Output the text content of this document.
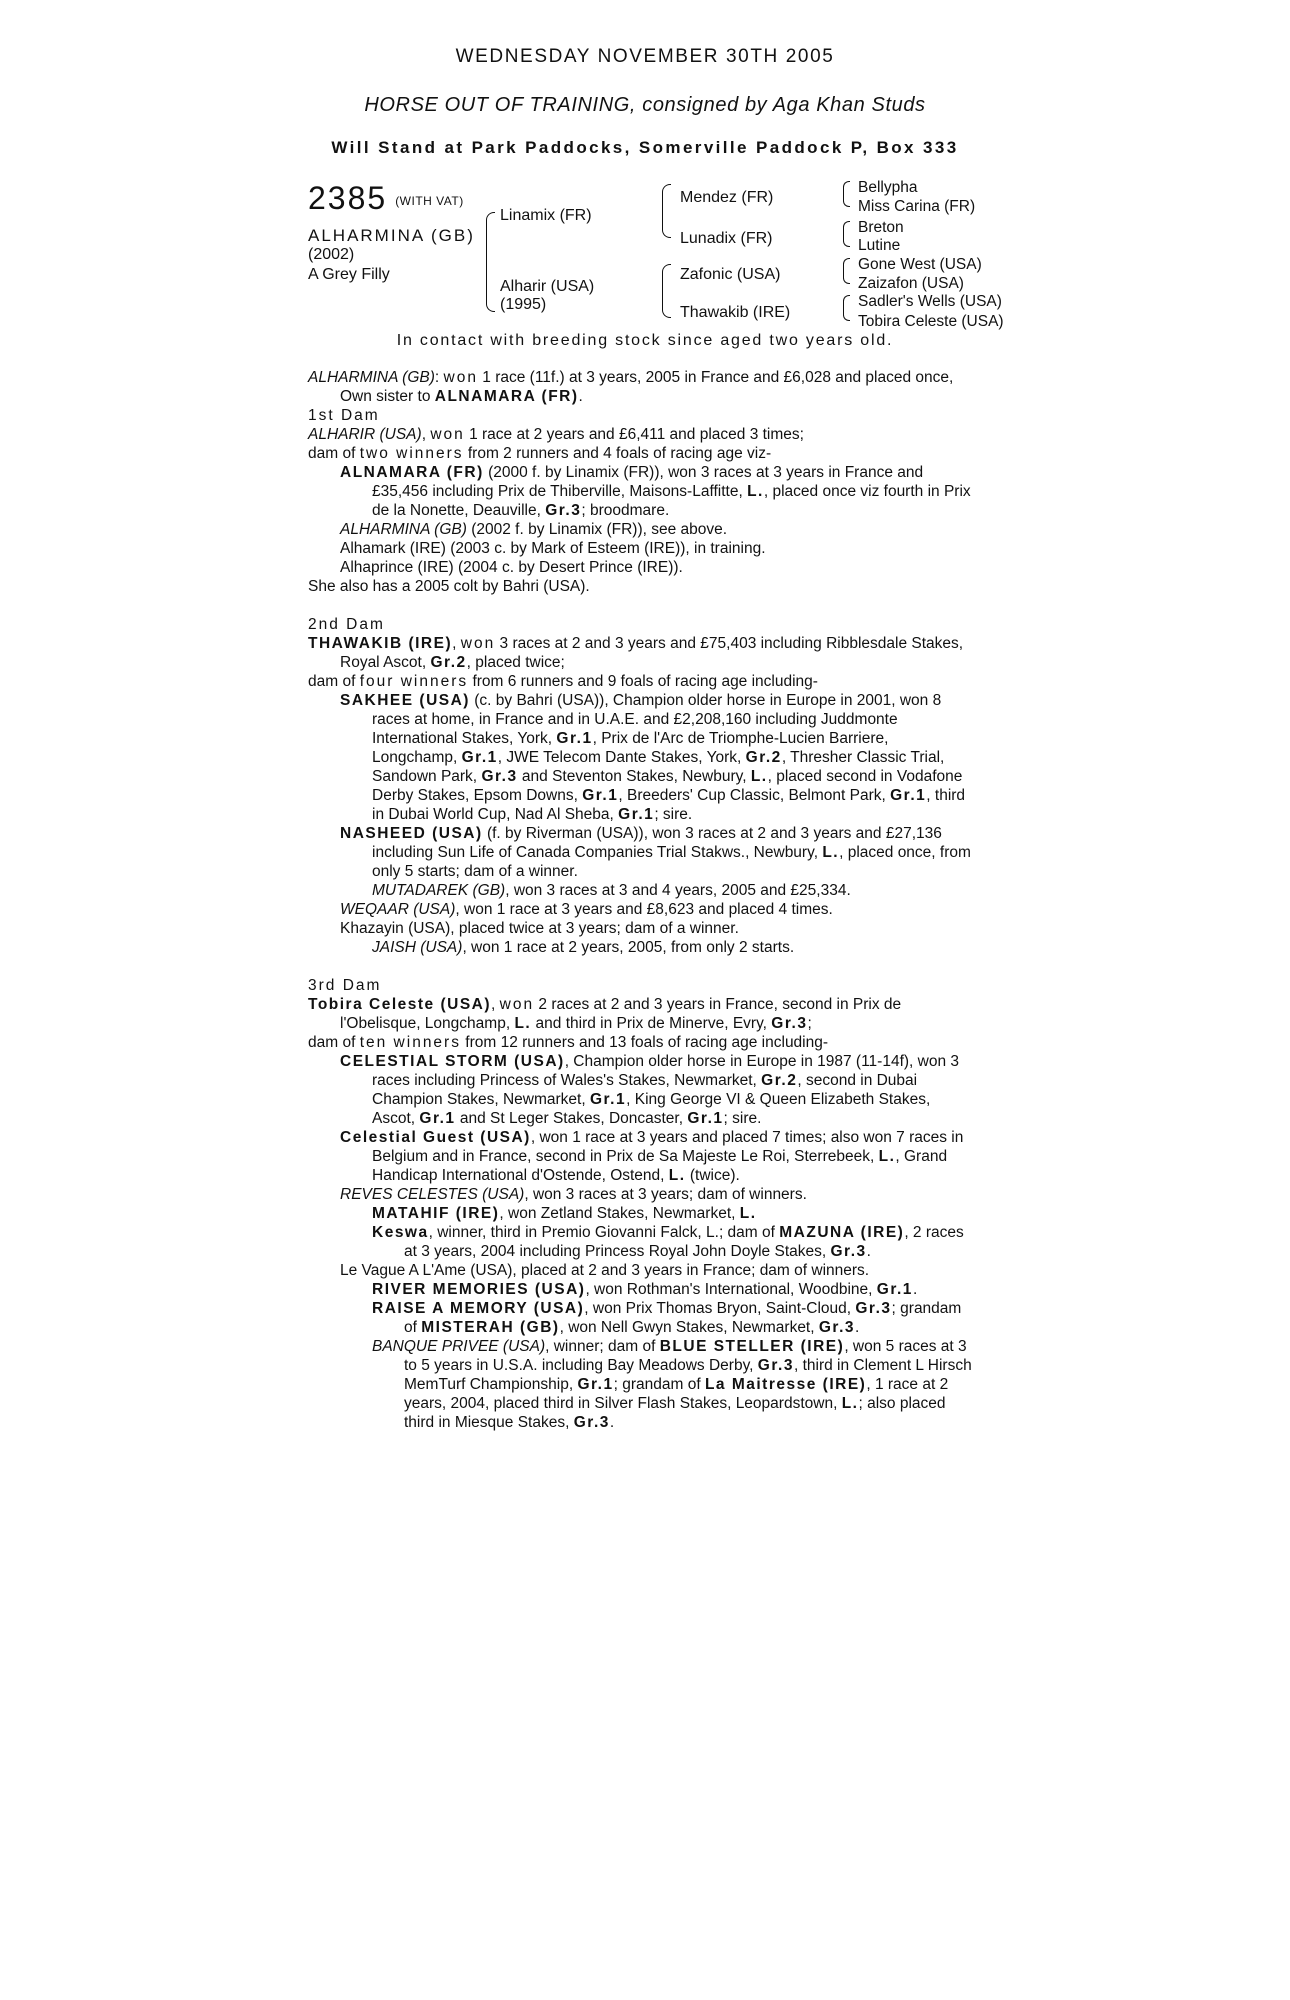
WEDNESDAY NOVEMBER 30TH 2005
HORSE OUT OF TRAINING, consigned by Aga Khan Studs
Will Stand at Park Paddocks, Somerville Paddock P, Box 333
2385 (WITH VAT)
ALHARMINA (GB)
(2002)
A Grey Filly
Linamix (FR)
Alharir (USA)
(1995)
Mendez (FR)
Lunadix (FR)
Zafonic (USA)
Thawakib (IRE)
Bellypha
Miss Carina (FR)
Breton
Lutine
Gone West (USA)
Zaizafon (USA)
Sadler's Wells (USA)
Tobira Celeste (USA)
In contact with breeding stock since aged two years old.

ALHARMINA (GB): won 1 race (11f.) at 3 years, 2005 in France and £6,028 and placed once, Own sister to ALNAMARA (FR).

1st Dam

ALHARIR (USA), won 1 race at 2 years and £6,411 and placed 3 times;

dam of two winners from 2 runners and 4 foals of racing age viz-

ALNAMARA (FR) (2000 f. by Linamix (FR)), won 3 races at 3 years in France and £35,456 including Prix de Thiberville, Maisons-Laffitte, L., placed once viz fourth in Prix de la Nonette, Deauville, Gr.3; broodmare.

ALHARMINA (GB) (2002 f. by Linamix (FR)), see above.

Alhamark (IRE) (2003 c. by Mark of Esteem (IRE)), in training.

Alhaprince (IRE) (2004 c. by Desert Prince (IRE)).

She also has a 2005 colt by Bahri (USA).

2nd Dam

THAWAKIB (IRE), won 3 races at 2 and 3 years and £75,403 including Ribblesdale Stakes, Royal Ascot, Gr.2, placed twice;

dam of four winners from 6 runners and 9 foals of racing age including-

SAKHEE (USA) (c. by Bahri (USA)), Champion older horse in Europe in 2001, won 8 races at home, in France and in U.A.E. and £2,208,160 including Juddmonte International Stakes, York, Gr.1, Prix de l'Arc de Triomphe-Lucien Barriere, Longchamp, Gr.1, JWE Telecom Dante Stakes, York, Gr.2, Thresher Classic Trial, Sandown Park, Gr.3 and Steventon Stakes, Newbury, L., placed second in Vodafone Derby Stakes, Epsom Downs, Gr.1, Breeders' Cup Classic, Belmont Park, Gr.1, third in Dubai World Cup, Nad Al Sheba, Gr.1; sire.

NASHEED (USA) (f. by Riverman (USA)), won 3 races at 2 and 3 years and £27,136 including Sun Life of Canada Companies Trial Stakws., Newbury, L., placed once, from only 5 starts; dam of a winner.

MUTADAREK (GB), won 3 races at 3 and 4 years, 2005 and £25,334.

WEQAAR (USA), won 1 race at 3 years and £8,623 and placed 4 times.

Khazayin (USA), placed twice at 3 years; dam of a winner.

JAISH (USA), won 1 race at 2 years, 2005, from only 2 starts.

3rd Dam

Tobira Celeste (USA), won 2 races at 2 and 3 years in France, second in Prix de l'Obelisque, Longchamp, L. and third in Prix de Minerve, Evry, Gr.3;

dam of ten winners from 12 runners and 13 foals of racing age including-

CELESTIAL STORM (USA), Champion older horse in Europe in 1987 (11-14f), won 3 races including Princess of Wales's Stakes, Newmarket, Gr.2, second in Dubai Champion Stakes, Newmarket, Gr.1, King George VI & Queen Elizabeth Stakes, Ascot, Gr.1 and St Leger Stakes, Doncaster, Gr.1; sire.

Celestial Guest (USA), won 1 race at 3 years and placed 7 times; also won 7 races in Belgium and in France, second in Prix de Sa Majeste Le Roi, Sterrebeek, L., Grand Handicap International d'Ostende, Ostend, L. (twice).

REVES CELESTES (USA), won 3 races at 3 years; dam of winners.

MATAHIF (IRE), won Zetland Stakes, Newmarket, L.

Keswa, winner, third in Premio Giovanni Falck, L.; dam of MAZUNA (IRE), 2 races at 3 years, 2004 including Princess Royal John Doyle Stakes, Gr.3.

Le Vague A L'Ame (USA), placed at 2 and 3 years in France; dam of winners.

RIVER MEMORIES (USA), won Rothman's International, Woodbine, Gr.1.

RAISE A MEMORY (USA), won Prix Thomas Bryon, Saint-Cloud, Gr.3; grandam of MISTERAH (GB), won Nell Gwyn Stakes, Newmarket, Gr.3.

BANQUE PRIVEE (USA), winner; dam of BLUE STELLER (IRE), won 5 races at 3 to 5 years in U.S.A. including Bay Meadows Derby, Gr.3, third in Clement L Hirsch MemTurf Championship, Gr.1; grandam of La Maitresse (IRE), 1 race at 2 years, 2004, placed third in Silver Flash Stakes, Leopardstown, L.; also placed third in Miesque Stakes, Gr.3.
